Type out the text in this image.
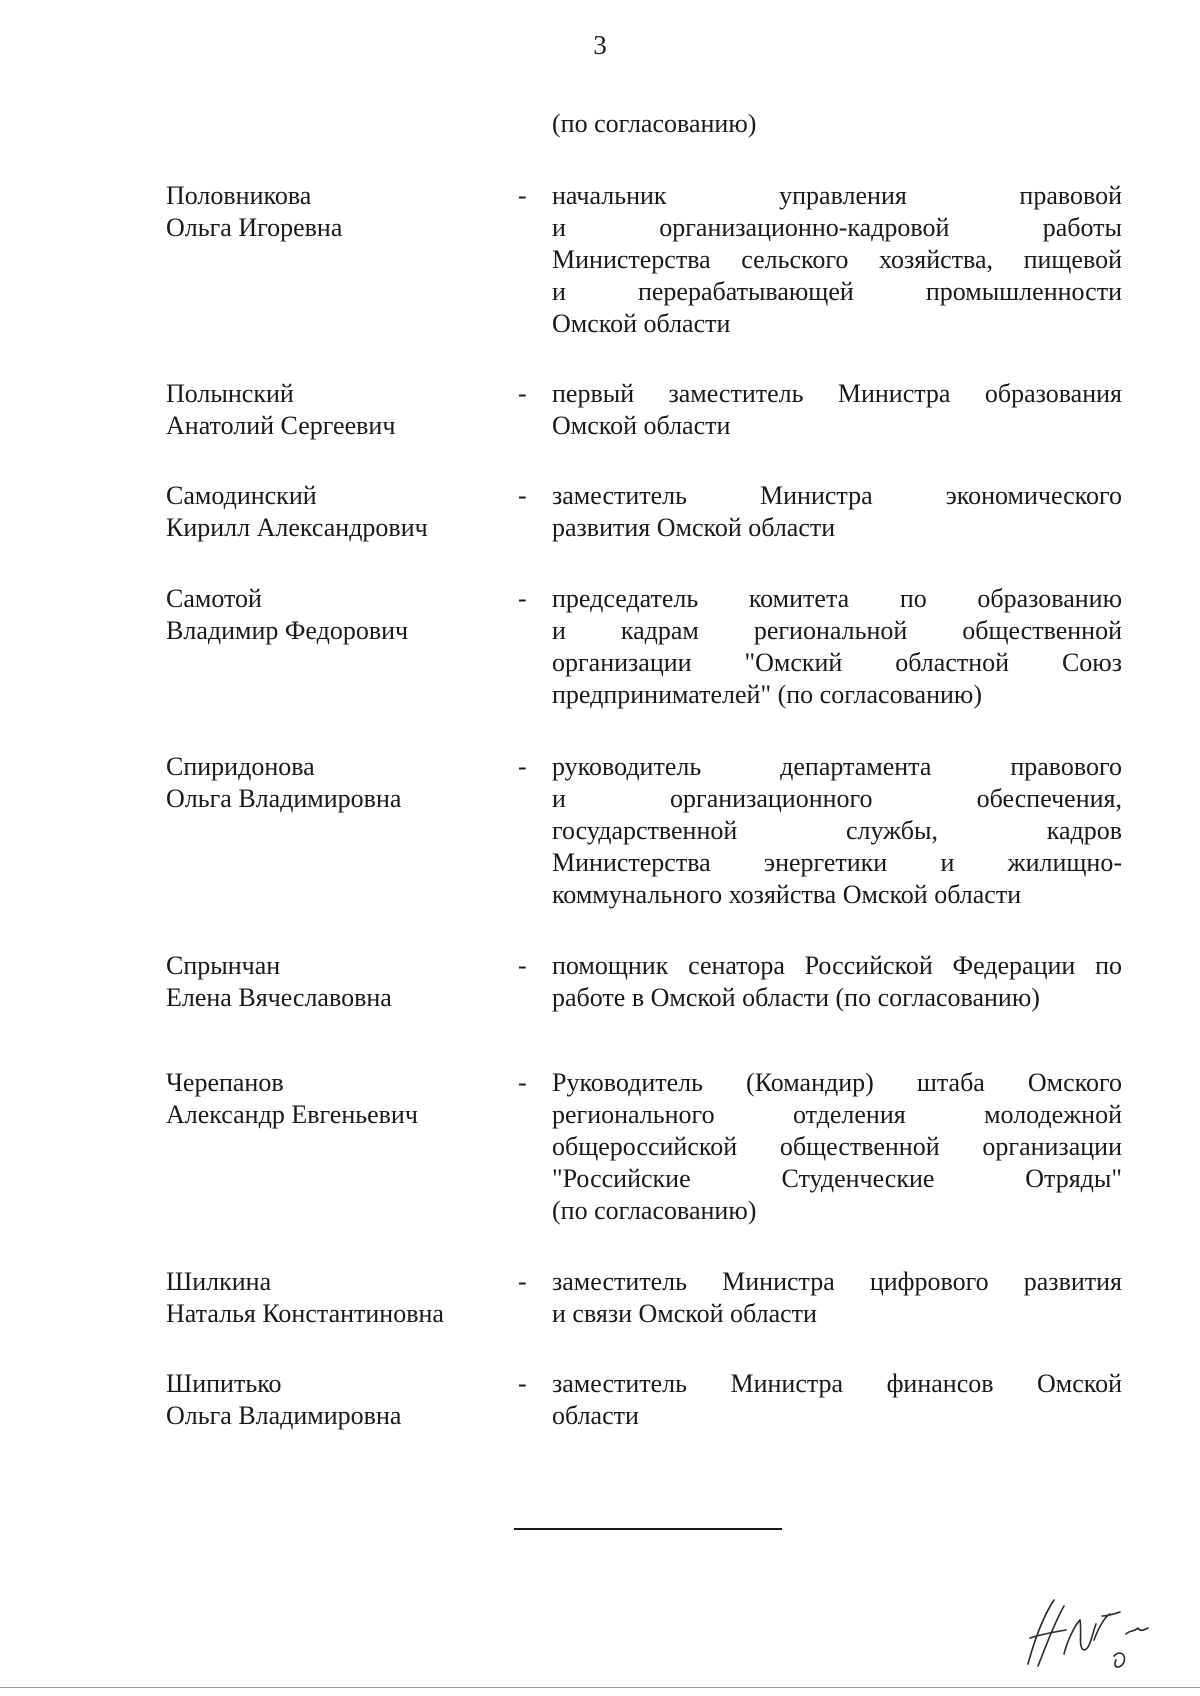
3
(по согласованию)
Половникова
Ольга Игоревна
- начальник управления правовой
и организационно-кадровой работы
Министерства сельского хозяйства, пищевой
и перерабатывающей промышленности
Омской области
Полынский
Анатолий Сергеевич
- первый заместитель Министра образования
Омской области
Самодинский
Кирилл Александрович
- заместитель Министра экономического
развития Омской области
Самотой
Владимир Федорович
- председатель комитета по образованию
и кадрам региональной общественной
организации "Омский областной Союз
предпринимателей" (по согласованию)
Спиридонова
Ольга Владимировна
- руководитель департамента правового
и организационного обеспечения,
государственной службы, кадров
Министерства энергетики и жилищно-
коммунального хозяйства Омской области
Спрынчан
Елена Вячеславовна
- помощник сенатора Российской Федерации по
работе в Омской области (по согласованию)
Черепанов
Александр Евгеньевич
- Руководитель (Командир) штаба Омского
регионального отделения молодежной
общероссийской общественной организации
"Российские Студенческие Отряды"
(по согласованию)
Шилкина
Наталья Константиновна
- заместитель Министра цифрового развития
и связи Омской области
Шипитько
Ольга Владимировна
- заместитель Министра финансов Омской
области
